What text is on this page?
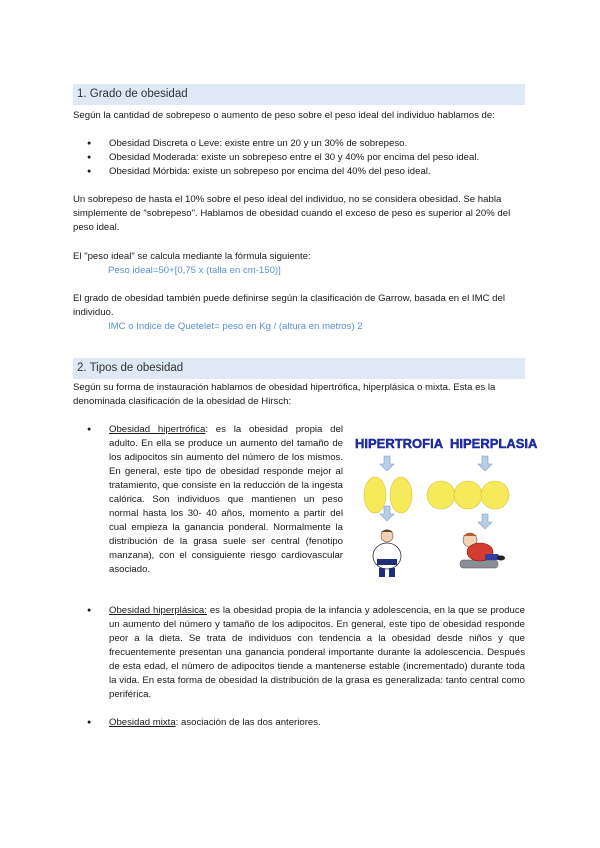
1. Grado de obesidad
Según la cantidad de sobrepeso o aumento de peso sobre el peso ideal del individuo hablamos de:
● Obesidad Discreta o Leve: existe entre un 20 y un 30% de sobrepeso.
● Obesidad Moderada: existe un sobrepeso entre el 30 y 40% por encima del peso ideal.
● Obesidad Mórbida: existe un sobrepeso por encima del 40% del peso ideal.
Un sobrepeso de hasta el 10% sobre el peso ideal del individuo, no se considera obesidad. Se habla simplemente de "sobrepeso". Hablamos de obesidad cuando el exceso de peso es superior al 20% del peso ideal.
El "peso ideal" se calcula mediante la fórmula siguiente:
Peso ideal=50+[0,75 x (talla en cm-150)]
El grado de obesidad también puede definirse según la clasificación de Garrow, basada en el IMC del individuo.
IMC o Indice de Quetelet= peso en Kg / (altura en metros) 2
2. Tipos de obesidad
Según su forma de instauración hablamos de obesidad hipertrófica, hiperplásica o mixta. Esta es la denominada clasificación de la obesidad de Hirsch:
● Obesidad hipertrófica: es la obesidad propia del adulto. En ella se produce un aumento del tamaño de los adipocitos sin aumento del número de los mismos. En general, este tipo de obesidad responde mejor al tratamiento, que consiste en la reducción de la ingesta calórica. Son individuos que mantienen un peso normal hasta los 30- 40 años, momento a partir del cual empieza la ganancia ponderal. Normalmente la distribución de la grasa suele ser central (fenotipo manzana), con el consiguiente riesgo cardiovascular asociado.
● Obesidad hiperplásica: es la obesidad propia de la infancia y adolescencia, en la que se produce un aumento del número y tamaño de los adipocitos. En general, este tipo de obesidad responde peor a la dieta. Se trata de individuos con tendencia a la obesidad desde niños y que frecuentemente presentan una ganancia ponderal importante durante la adolescencia. Después de esta edad, el número de adipocitos tiende a mantenerse estable (incrementado) durante toda la vida. En esta forma de obesidad la distribución de la grasa es generalizada: tanto central como periférica.
● Obesidad mixta: asociación de las dos anteriores.
HIPERTROFIA HIPERPLASIA
